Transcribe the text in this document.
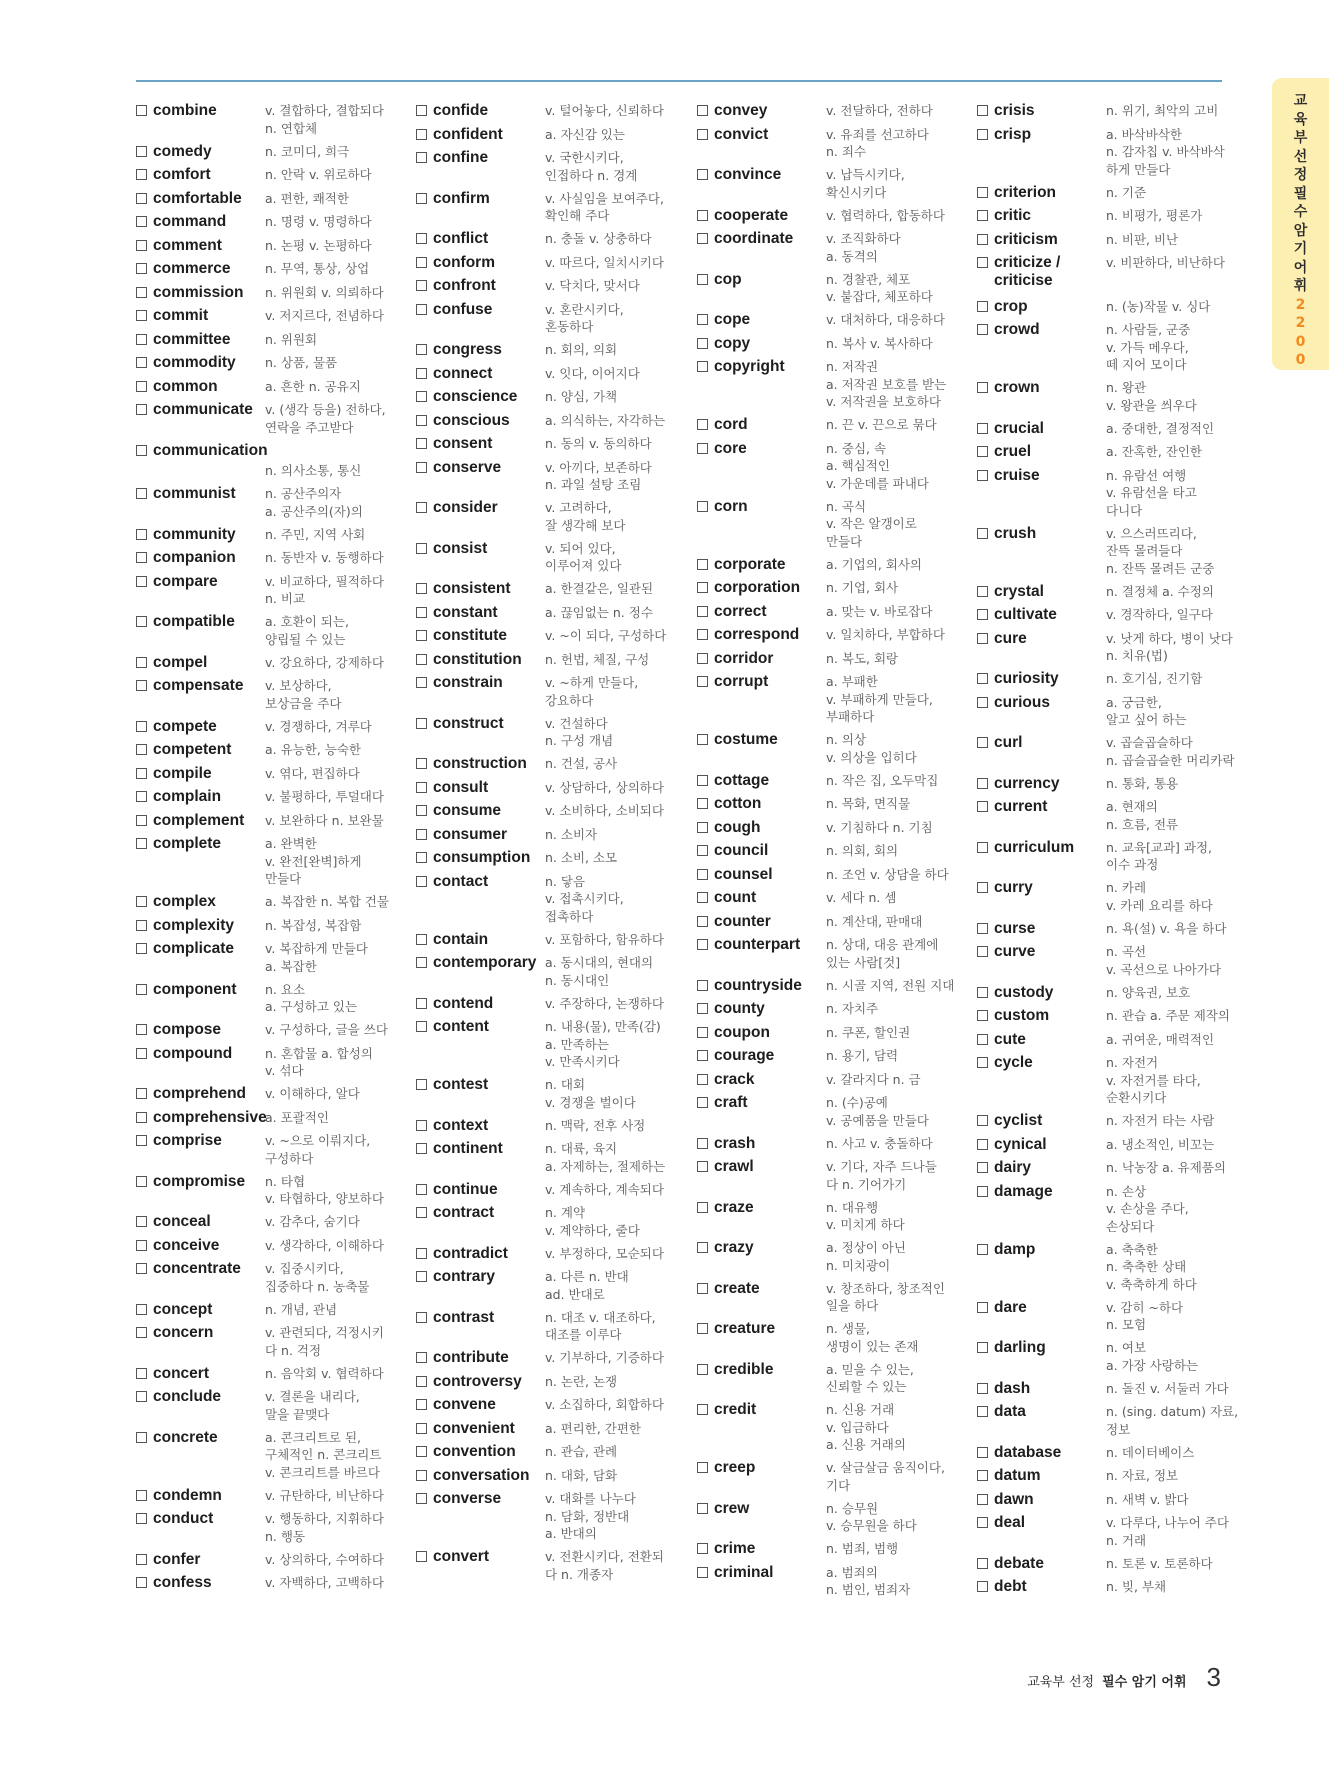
교육부 선정 필수 암기 어휘
2200
combine	v. 결합하다, 결합되다
n. 연합체
comedy	n. 코미디, 희극
comfort	n. 안락 v. 위로하다
comfortable	a. 편한, 쾌적한
command	n. 명령 v. 명령하다
comment	n. 논평 v. 논평하다
commerce	n. 무역, 통상, 상업
commission	n. 위원회 v. 의뢰하다
commit	v. 저지르다, 전념하다
committee	n. 위원회
commodity	n. 상품, 물품
common	a. 흔한 n. 공유지
communicate v. (생각 등을) 전하다,
연락을 주고받다
communication
n. 의사소통, 통신
communist	n. 공산주의자
a. 공산주의(자)의
community	n. 주민, 지역 사회
companion	n. 동반자 v. 동행하다
compare	v. 비교하다, 필적하다
n. 비교
compatible	a. 호환이 되는,
양립될 수 있는
compel	v. 강요하다, 강제하다
compensate	v. 보상하다,
보상금을 주다
compete	v. 경쟁하다, 겨루다
competent	a. 유능한, 능숙한
compile	v. 엮다, 편집하다
complain	v. 불평하다, 투덜대다
complement	v. 보완하다 n. 보완물
complete	a. 완벽한
v. 완전[완벽]하게
만들다
complex	a. 복잡한 n. 복합 건물
complexity	n. 복잡성, 복잡함
complicate	v. 복잡하게 만들다
a. 복잡한
component	n. 요소
a. 구성하고 있는
compose	v. 구성하다, 글을 쓰다
compound	n. 혼합물 a. 합성의
v. 섞다
comprehend	v. 이해하다, 알다
comprehensive
a. 포괄적인
comprise	v. ~으로 이뤄지다,
구성하다
compromise	n. 타협
v. 타협하다, 양보하다
conceal	v. 감추다, 숨기다
conceive	v. 생각하다, 이해하다
concentrate	v. 집중시키다,
집중하다 n. 농축물
concept	n. 개념, 관념
concern	v. 관련되다, 걱정시키
다 n. 걱정
concert	n. 음악회 v. 협력하다
conclude	v. 결론을 내리다,
말을 끝맺다
concrete	a. 콘크리트로 된,
구체적인 n. 콘크리트
v. 콘크리트를 바르다
condemn	v. 규탄하다, 비난하다
conduct	v. 행동하다, 지휘하다
n. 행동
confer	v. 상의하다, 수여하다
confess	v. 자백하다, 고백하다
confide	v. 털어놓다, 신뢰하다
confident	a. 자신감 있는
confine	v. 국한시키다,
인접하다 n. 경계
confirm	v. 사실임을 보여주다,
확인해 주다
conflict	n. 충돌 v. 상충하다
conform	v. 따르다, 일치시키다
confront	v. 닥치다, 맞서다
confuse	v. 혼란시키다,
혼동하다
congress	n. 회의, 의회
connect	v. 잇다, 이어지다
conscience	n. 양심, 가책
conscious	a. 의식하는, 자각하는
consent	n. 동의 v. 동의하다
conserve	v. 아끼다, 보존하다
n. 과일 설탕 조림
consider	v. 고려하다,
잘 생각해 보다
consist	v. 되어 있다,
이루어져 있다
consistent	a. 한결같은, 일관된
constant	a. 끊임없는 n. 정수
constitute	v. ~이 되다, 구성하다
constitution	n. 헌법, 체질, 구성
constrain	v. ~하게 만들다,
강요하다
construct	v. 건설하다
n. 구성 개념
construction	n. 건설, 공사
consult	v. 상담하다, 상의하다
consume	v. 소비하다, 소비되다
consumer	n. 소비자
consumption	n. 소비, 소모
contact	n. 닿음
v. 접촉시키다,
접촉하다
contain	v. 포함하다, 함유하다
contemporary a. 동시대의, 현대의
n. 동시대인
contend	v. 주장하다, 논쟁하다
content	n. 내용(물), 만족(감)
a. 만족하는
v. 만족시키다
contest	n. 대회
v. 경쟁을 벌이다
context	n. 맥락, 전후 사정
continent	n. 대륙, 육지
a. 자제하는, 절제하는
continue	v. 계속하다, 계속되다
contract	n. 계약
v. 계약하다, 줄다
contradict	v. 부정하다, 모순되다
contrary	a. 다른 n. 반대
ad. 반대로
contrast	n. 대조 v. 대조하다,
대조를 이루다
contribute	v. 기부하다, 기증하다
controversy	n. 논란, 논쟁
convene	v. 소집하다, 회합하다
convenient	a. 편리한, 간편한
convention	n. 관습, 관례
conversation	n. 대화, 담화
converse	v. 대화를 나누다
n. 담화, 정반대
a. 반대의
convert	v. 전환시키다, 전환되
다 n. 개종자
convey	v. 전달하다, 전하다
convict	v. 유죄를 선고하다
n. 죄수
convince	v. 납득시키다,
확신시키다
cooperate	v. 협력하다, 합동하다
coordinate	v. 조직화하다
a. 동격의
cop	n. 경찰관, 체포
v. 붙잡다, 체포하다
cope	v. 대처하다, 대응하다
copy	n. 복사 v. 복사하다
copyright	n. 저작권
a. 저작권 보호를 받는
v. 저작권을 보호하다
cord	n. 끈 v. 끈으로 묶다
core	n. 중심, 속
a. 핵심적인
v. 가운데를 파내다
corn	n. 곡식
v. 작은 알갱이로
만들다
corporate	a. 기업의, 회사의
corporation	n. 기업, 회사
correct	a. 맞는 v. 바로잡다
correspond	v. 일치하다, 부합하다
corridor	n. 복도, 회랑
corrupt	a. 부패한
v. 부패하게 만들다,
부패하다
costume	n. 의상
v. 의상을 입히다
cottage	n. 작은 집, 오두막집
cotton	n. 목화, 면직물
cough	v. 기침하다 n. 기침
council	n. 의회, 회의
counsel	n. 조언 v. 상담을 하다
count	v. 세다 n. 셈
counter	n. 계산대, 판매대
counterpart	n. 상대, 대응 관계에
있는 사람[것]
countryside	n. 시골 지역, 전원 지대
county	n. 자치주
coupon	n. 쿠폰, 할인권
courage	n. 용기, 담력
crack	v. 갈라지다 n. 금
craft	n. (수)공예
v. 공예품을 만들다
crash	n. 사고 v. 충돌하다
crawl	v. 기다, 자주 드나들
다 n. 기어가기
craze	n. 대유행
v. 미치게 하다
crazy	a. 정상이 아닌
n. 미치광이
create	v. 창조하다, 창조적인
일을 하다
creature	n. 생물,
생명이 있는 존재
credible	a. 믿을 수 있는,
신뢰할 수 있는
credit	n. 신용 거래
v. 입금하다
a. 신용 거래의
creep	v. 살금살금 움직이다,
기다
crew	n. 승무원
v. 승무원을 하다
crime	n. 범죄, 범행
criminal	a. 범죄의
n. 범인, 범죄자
crisis	n. 위기, 최악의 고비
crisp	a. 바삭바삭한
n. 감자칩 v. 바삭바삭
하게 만들다
criterion	n. 기준
critic	n. 비평가, 평론가
criticism	n. 비판, 비난
criticize /
criticise
v. 비판하다, 비난하다
crop	n. (농)작물 v. 싱다
crowd	n. 사람들, 군중
v. 가득 메우다,
떼 지어 모이다
crown	n. 왕관
v. 왕관을 씌우다
crucial	a. 중대한, 결정적인
cruel	a. 잔혹한, 잔인한
cruise	n. 유람선 여행
v. 유람선을 타고
다니다
crush	v. 으스러뜨리다,
잔뜩 몰려들다
n. 잔뜩 몰려든 군중
crystal	n. 결정체 a. 수정의
cultivate	v. 경작하다, 일구다
cure	v. 낫게 하다, 병이 낫다
n. 치유(법)
curiosity	n. 호기심, 진기함
curious	a. 궁금한,
알고 싶어 하는
curl	v. 곱슬곱슬하다
n. 곱슬곱슬한 머리카락
currency	n. 통화, 통용
current	a. 현재의
n. 흐름, 전류
curriculum	n. 교육[교과] 과정,
이수 과정
curry	n. 카레
v. 카레 요리를 하다
curse	n. 욕(설) v. 욕을 하다
curve	n. 곡선
v. 곡선으로 나아가다
custody	n. 양육권, 보호
custom	n. 관습 a. 주문 제작의
cute	a. 귀여운, 매력적인
cycle	n. 자전거
v. 자전거를 타다,
순환시키다
cyclist	n. 자전거 타는 사람
cynical	a. 냉소적인, 비꼬는
dairy	n. 낙농장 a. 유제품의
damage	n. 손상
v. 손상을 주다,
손상되다
damp	a. 축축한
n. 축축한 상태
v. 축축하게 하다
dare	v. 감히 ~하다
n. 모험
darling	n. 여보
a. 가장 사랑하는
dash	n. 돌진 v. 서둘러 가다
data	n. (sing. datum) 자료,
정보
database	n. 데이터베이스
datum	n. 자료, 정보
dawn	n. 새벽 v. 밝다
deal	v. 다루다, 나누어 주다
n. 거래
debate	n. 토론 v. 토론하다
debt	n. 빚, 부채
교육부 선정 필수 암기 어휘 3
